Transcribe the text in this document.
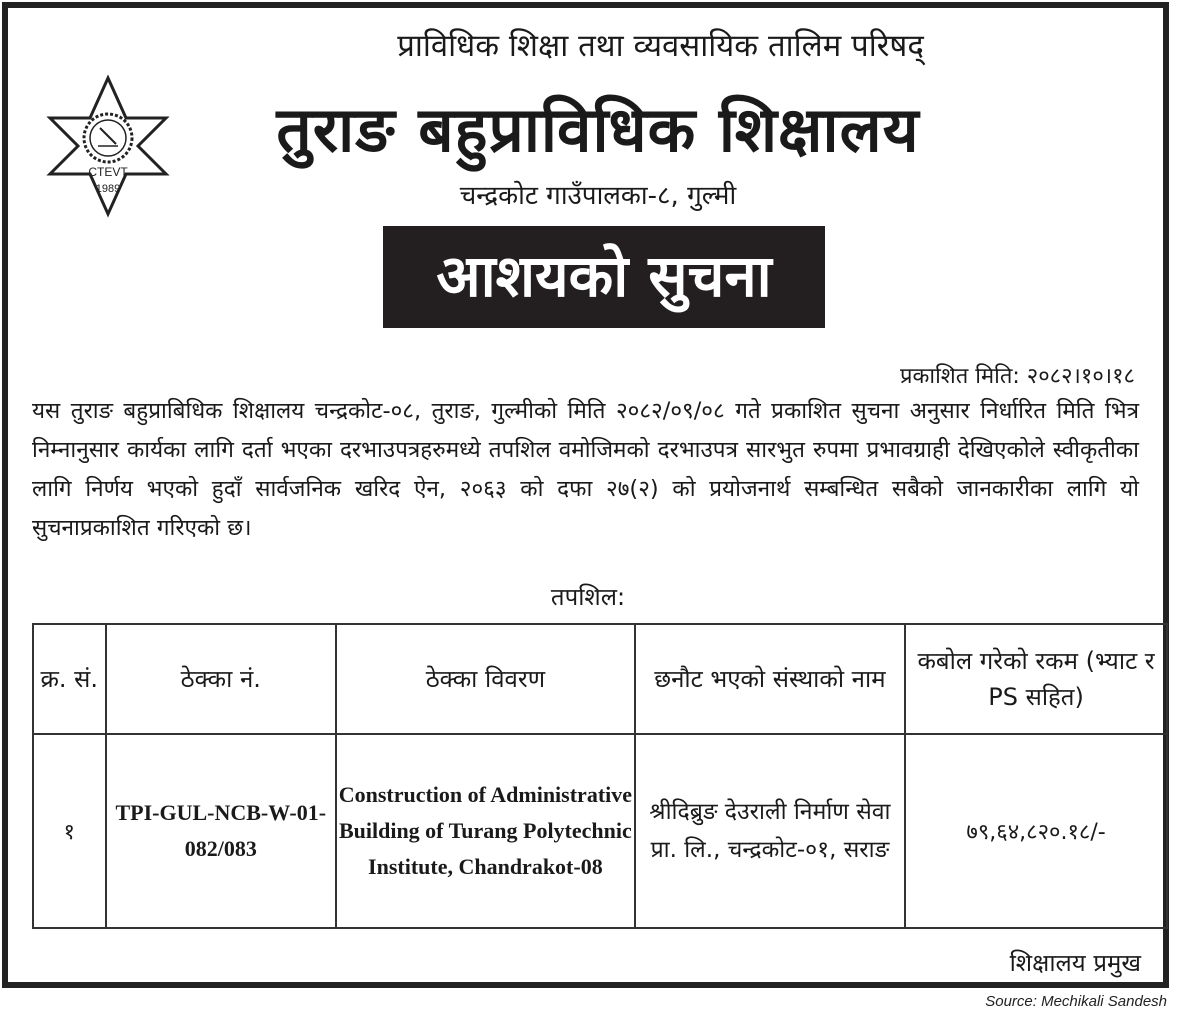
CTEVT
1989
प्राविधिक शिक्षा तथा व्यवसायिक तालिम परिषद्
तुराङ बहुप्राविधिक शिक्षालय
चन्द्रकोट गाउँपालका-८, गुल्मी
आशयको सुचना
प्रकाशित मिति: २०८२।१०।१८
यस तुराङ बहुप्राबिधिक शिक्षालय चन्द्रकोट-०८, तुराङ, गुल्मीको मिति २०८२/०९/०८ गते प्रकाशित सुचना अनुसार निर्धारित मिति भित्र निम्नानुसार कार्यका लागि दर्ता भएका दरभाउपत्रहरुमध्ये तपशिल वमोजिमको दरभाउपत्र सारभुत रुपमा प्रभावग्राही देखिएकोले स्वीकृतीका लागि निर्णय भएको हुदाँ सार्वजनिक खरिद ऐन, २०६३ को दफा २७(२) को प्रयोजनार्थ सम्बन्धित सबैको जानकारीका लागि यो सुचनाप्रकाशित गरिएको छ।
तपशिल:
क्र. सं.	ठेक्का नं.	ठेक्का विवरण	छनौट भएको संस्थाको नाम	कबोल गरेको रकम (भ्याट र PS सहित)
१	TPI-GUL-NCB-W-01-082/083	Construction of Administrative Building of Turang Polytechnic Institute, Chandrakot-08	श्रीदिब्रुङ देउराली निर्माण सेवा प्रा. लि., चन्द्रकोट-०१, सराङ	७९,६४,८२०.१८/-
शिक्षालय प्रमुख
Source: Mechikali Sandesh
